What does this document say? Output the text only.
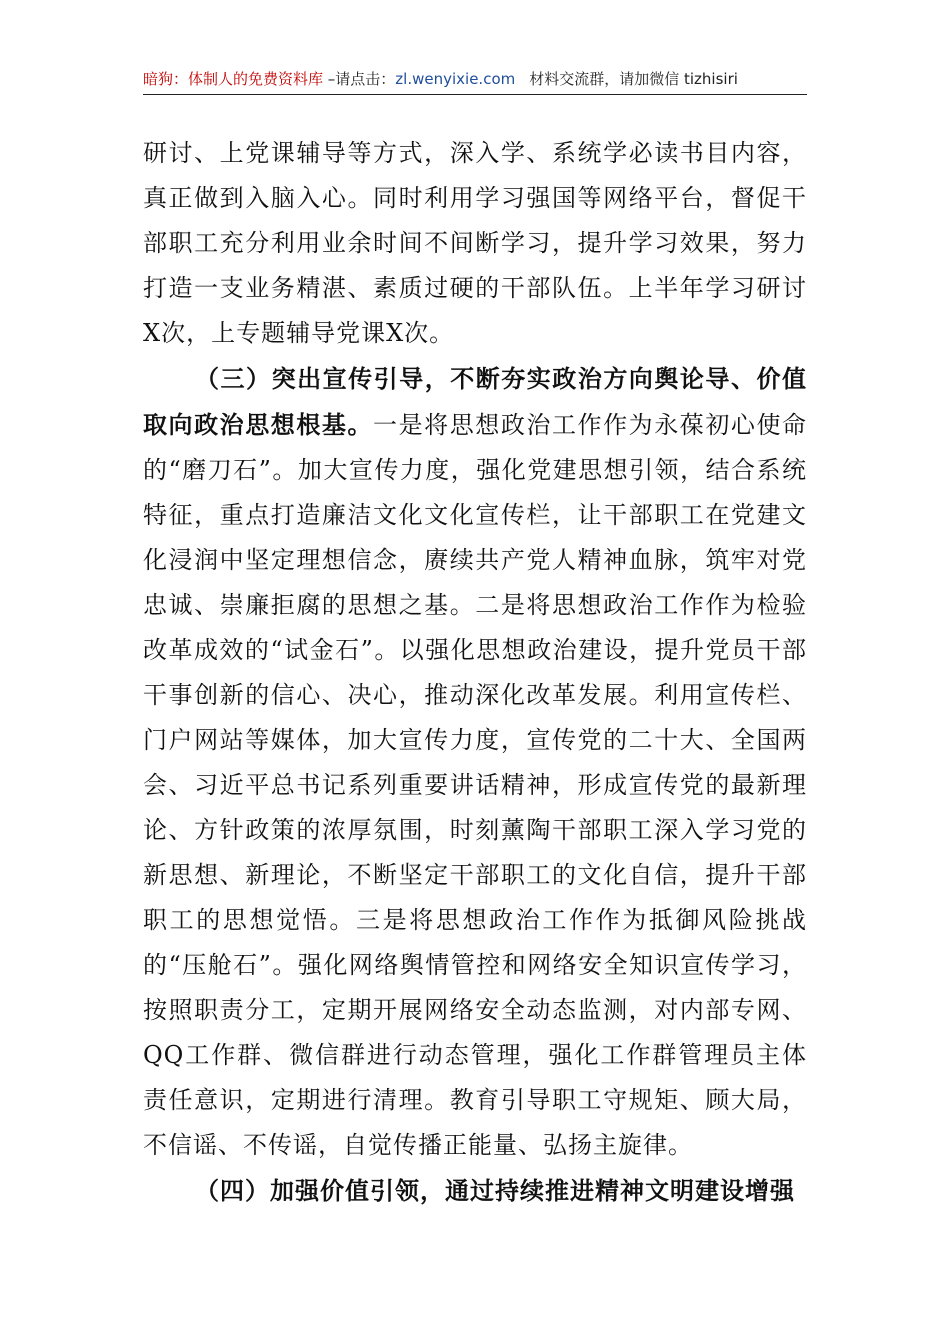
暗狗：体制人的免费资料库 –请点击：zl.wenyixie.com 材料交流群，请加微信 tizhisiri

研讨、上党课辅导等方式，深入学、系统学必读书目内容，真正做到入脑入心。同时利用学习强国等网络平台，督促干部职工充分利用业余时间不间断学习，提升学习效果，努力打造一支业务精湛、素质过硬的干部队伍。上半年学习研讨X次，上专题辅导党课X次。

（三）突出宣传引导，不断夯实政治方向舆论导、价值取向政治思想根基。一是将思想政治工作作为永葆初心使命的“磨刀石”。加大宣传力度，强化党建思想引领，结合系统特征，重点打造廉洁文化文化宣传栏，让干部职工在党建文化浸润中坚定理想信念，赓续共产党人精神血脉，筑牢对党忠诚、崇廉拒腐的思想之基。二是将思想政治工作作为检验改革成效的“试金石”。以强化思想政治建设，提升党员干部干事创新的信心、决心，推动深化改革发展。利用宣传栏、门户网站等媒体，加大宣传力度，宣传党的二十大、全国两会、习近平总书记系列重要讲话精神，形成宣传党的最新理论、方针政策的浓厚氛围，时刻薰陶干部职工深入学习党的新思想、新理论，不断坚定干部职工的文化自信，提升干部职工的思想觉悟。三是将思想政治工作作为抵御风险挑战的“压舱石”。强化网络舆情管控和网络安全知识宣传学习，按照职责分工，定期开展网络安全动态监测，对内部专网、QQ工作群、微信群进行动态管理，强化工作群管理员主体责任意识，定期进行清理。教育引导职工守规矩、顾大局，不信谣、不传谣，自觉传播正能量、弘扬主旋律。

（四）加强价值引领，通过持续推进精神文明建设增强
